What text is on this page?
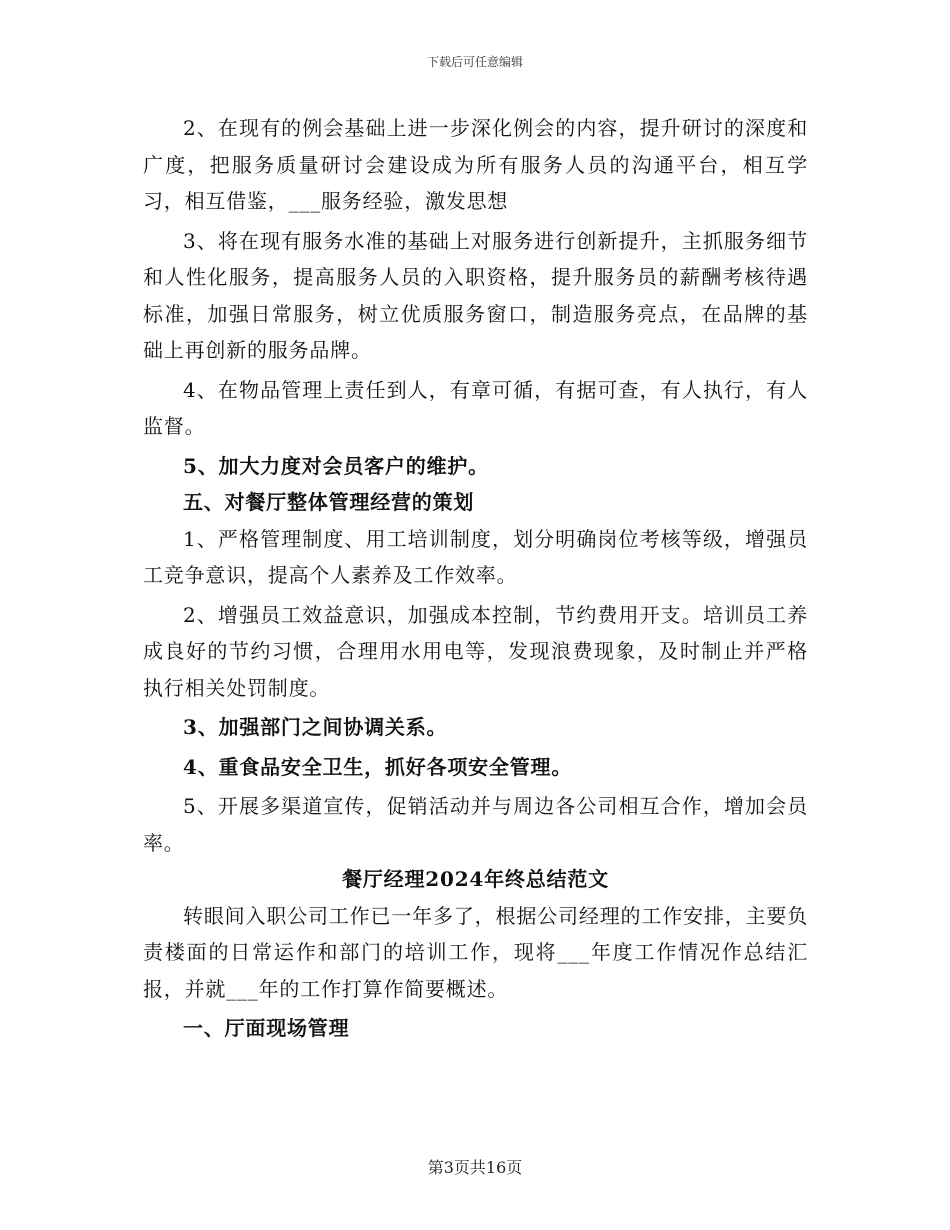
下载后可任意编辑

2、在现有的例会基础上进一步深化例会的内容，提升研讨的深度和广度，把服务质量研讨会建设成为所有服务人员的沟通平台，相互学习，相互借鉴，___服务经验，激发思想

3、将在现有服务水准的基础上对服务进行创新提升，主抓服务细节和人性化服务，提高服务人员的入职资格，提升服务员的薪酬考核待遇标准，加强日常服务，树立优质服务窗口，制造服务亮点，在品牌的基础上再创新的服务品牌。

4、在物品管理上责任到人，有章可循，有据可查，有人执行，有人监督。

5、加大力度对会员客户的维护。

五、对餐厅整体管理经营的策划

1、严格管理制度、用工培训制度，划分明确岗位考核等级，增强员工竞争意识，提高个人素养及工作效率。

2、增强员工效益意识，加强成本控制，节约费用开支。培训员工养成良好的节约习惯，合理用水用电等，发现浪费现象，及时制止并严格执行相关处罚制度。

3、加强部门之间协调关系。

4、重食品安全卫生，抓好各项安全管理。

5、开展多渠道宣传，促销活动并与周边各公司相互合作，增加会员率。

餐厅经理2024年终总结范文

转眼间入职公司工作已一年多了，根据公司经理的工作安排，主要负责楼面的日常运作和部门的培训工作，现将___年度工作情况作总结汇报，并就___年的工作打算作简要概述。

一、厅面现场管理

第3页共16页
